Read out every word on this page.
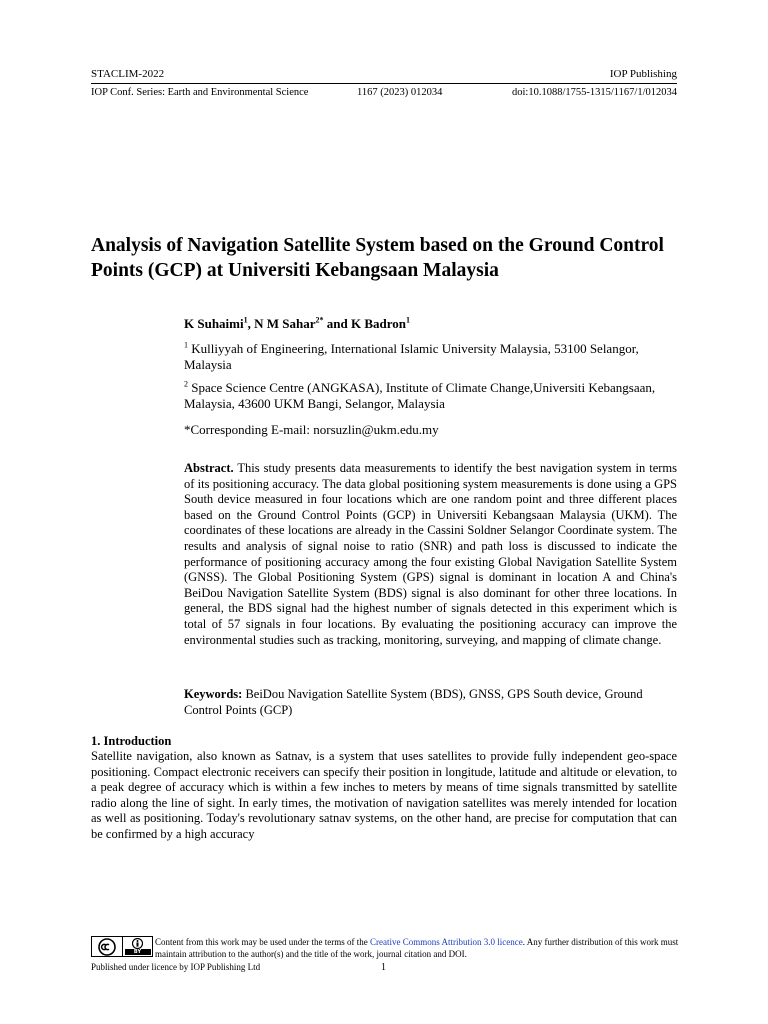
STACLIM-2022	IOP Publishing
IOP Conf. Series: Earth and Environmental Science	1167 (2023) 012034	doi:10.1088/1755-1315/1167/1/012034
Analysis of Navigation Satellite System based on the Ground Control Points (GCP) at Universiti Kebangsaan Malaysia
K Suhaimi$^1$, N M Sahar$^{2*}$ and K Badron$^1$
$^1$ Kulliyyah of Engineering, International Islamic University Malaysia, 53100 Selangor, Malaysia
$^2$ Space Science Centre (ANGKASA), Institute of Climate Change,Universiti Kebangsaan, Malaysia, 43600 UKM Bangi, Selangor, Malaysia
*Corresponding E-mail: norsuzlin@ukm.edu.my

Abstract. This study presents data measurements to identify the best navigation system in terms of its positioning accuracy. The data global positioning system measurements is done using a GPS South device measured in four locations which are one random point and three different places based on the Ground Control Points (GCP) in Universiti Kebangsaan Malaysia (UKM). The coordinates of these locations are already in the Cassini Soldner Selangor Coordinate system. The results and analysis of signal noise to ratio (SNR) and path loss is discussed to indicate the performance of positioning accuracy among the four existing Global Navigation Satellite System (GNSS). The Global Positioning System (GPS) signal is dominant in location A and China's BeiDou Navigation Satellite System (BDS) signal is also dominant for other three locations. In general, the BDS signal had the highest number of signals detected in this experiment which is total of 57 signals in four locations. By evaluating the positioning accuracy can improve the environmental studies such as tracking, monitoring, surveying, and mapping of climate change.

Keywords: BeiDou Navigation Satellite System (BDS), GNSS, GPS South device, Ground Control Points (GCP)

1. Introduction

Satellite navigation, also known as Satnav, is a system that uses satellites to provide fully independent geo-space positioning. Compact electronic receivers can specify their position in longitude, latitude and altitude or elevation, to a peak degree of accuracy which is within a few inches to meters by means of time signals transmitted by satellite radio along the line of sight. In early times, the motivation of navigation satellites was merely intended for location as well as positioning. Today's revolutionary satnav systems, on the other hand, are precise for computation that can be confirmed by a high accuracy

BY
Content from this work may be used under the terms of the Creative Commons Attribution 3.0 licence. Any further distribution of this work must maintain attribution to the author(s) and the title of the work, journal citation and DOI.
Published under licence by IOP Publishing Ltd	1
